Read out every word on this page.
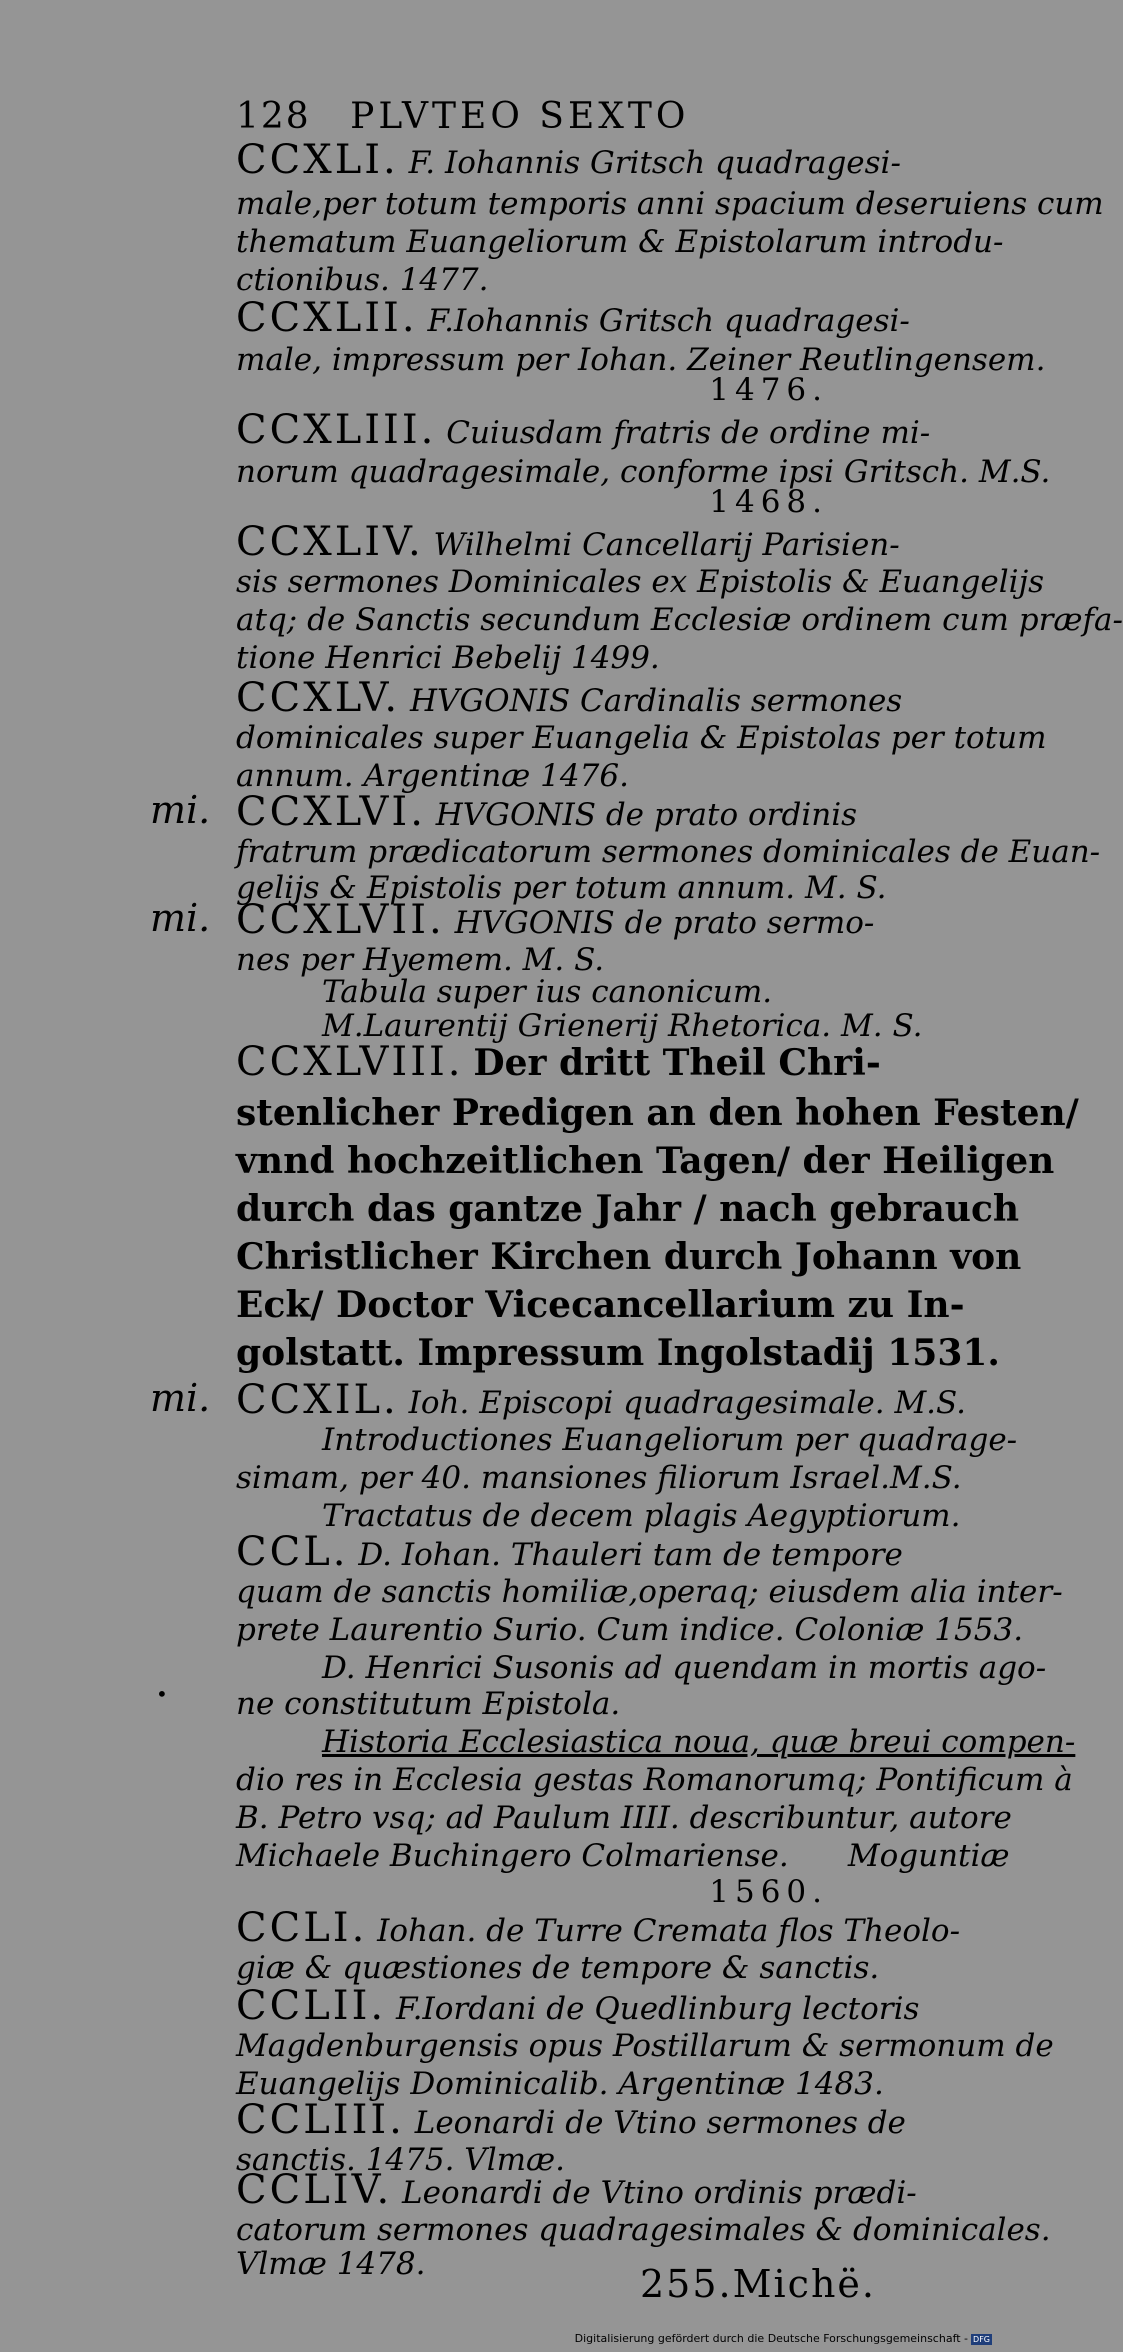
128 PLVTEO SEXTO
CCXLI. F. Iohannis Gritsch quadragesi-
male,per totum temporis anni spacium deseruiens cum
thematum Euangeliorum & Epistolarum introdu-
ctionibus. 1477.
CCXLII. F.Iohannis Gritsch quadragesi-
male, impressum per Iohan. Zeiner Reutlingensem.
1476.
CCXLIII. Cuiusdam fratris de ordine mi-
norum quadragesimale, conforme ipsi Gritsch. M.S.
1468.
CCXLIV. Wilhelmi Cancellarij Parisien-
sis sermones Dominicales ex Epistolis & Euangelijs
atq; de Sanctis secundum Ecclesiæ ordinem cum præfa-
tione Henrici Bebelij 1499.
CCXLV. HVGONIS Cardinalis sermones
dominicales super Euangelia & Epistolas per totum
annum. Argentinæ 1476.
mi. CCXLVI. HVGONIS de prato ordinis
fratrum prædicatorum sermones dominicales de Euan-
gelijs & Epistolis per totum annum. M. S.
mi. CCXLVII. HVGONIS de prato sermo-
nes per Hyemem. M. S.
Tabula super ius canonicum.
M.Laurentij Grienerij Rhetorica. M. S.
CCXLVIII. Der dritt Theil Chri-
stenlicher Predigen an den hohen Festen/
vnnd hochzeitlichen Tagen/ der Heiligen
durch das gantze Jahr / nach gebrauch
Christlicher Kirchen durch Johann von
Eck/ Doctor Vicecancellarium zu In-
golstatt. Impressum Ingolstadij 1531.
mi. CCXIL. Ioh. Episcopi quadragesimale. M.S.
Introductiones Euangeliorum per quadrage-
simam, per 40. mansiones filiorum Israel.M.S.
Tractatus de decem plagis Aegyptiorum.
CCL. D. Iohan. Thauleri tam de tempore
quam de sanctis homiliæ,operaq; eiusdem alia inter-
prete Laurentio Surio. Cum indice. Coloniæ 1553.
D. Henrici Susonis ad quendam in mortis ago-
ne constitutum Epistola.
•
Historia Ecclesiastica noua, quæ breui compen-
dio res in Ecclesia gestas Romanorumq; Pontificum à
B. Petro vsq; ad Paulum IIII. describuntur, autore
Michaele Buchingero Colmariense.      Moguntiæ
1560.
CCLI. Iohan. de Turre Cremata flos Theolo-
giæ & quæstiones de tempore & sanctis.
CCLII. F.Iordani de Quedlinburg lectoris
Magdenburgensis opus Postillarum & sermonum de
Euangelijs Dominicalib. Argentinæ 1483.
CCLIII. Leonardi de Vtino sermones de
sanctis. 1475. Vlmæ.
CCLIV. Leonardi de Vtino ordinis prædi-
catorum sermones quadragesimales & dominicales.
Vlmæ 1478.	255.Michë.
Digitalisierung gefördert durch die Deutsche Forschungsgemeinschaft - DFG
